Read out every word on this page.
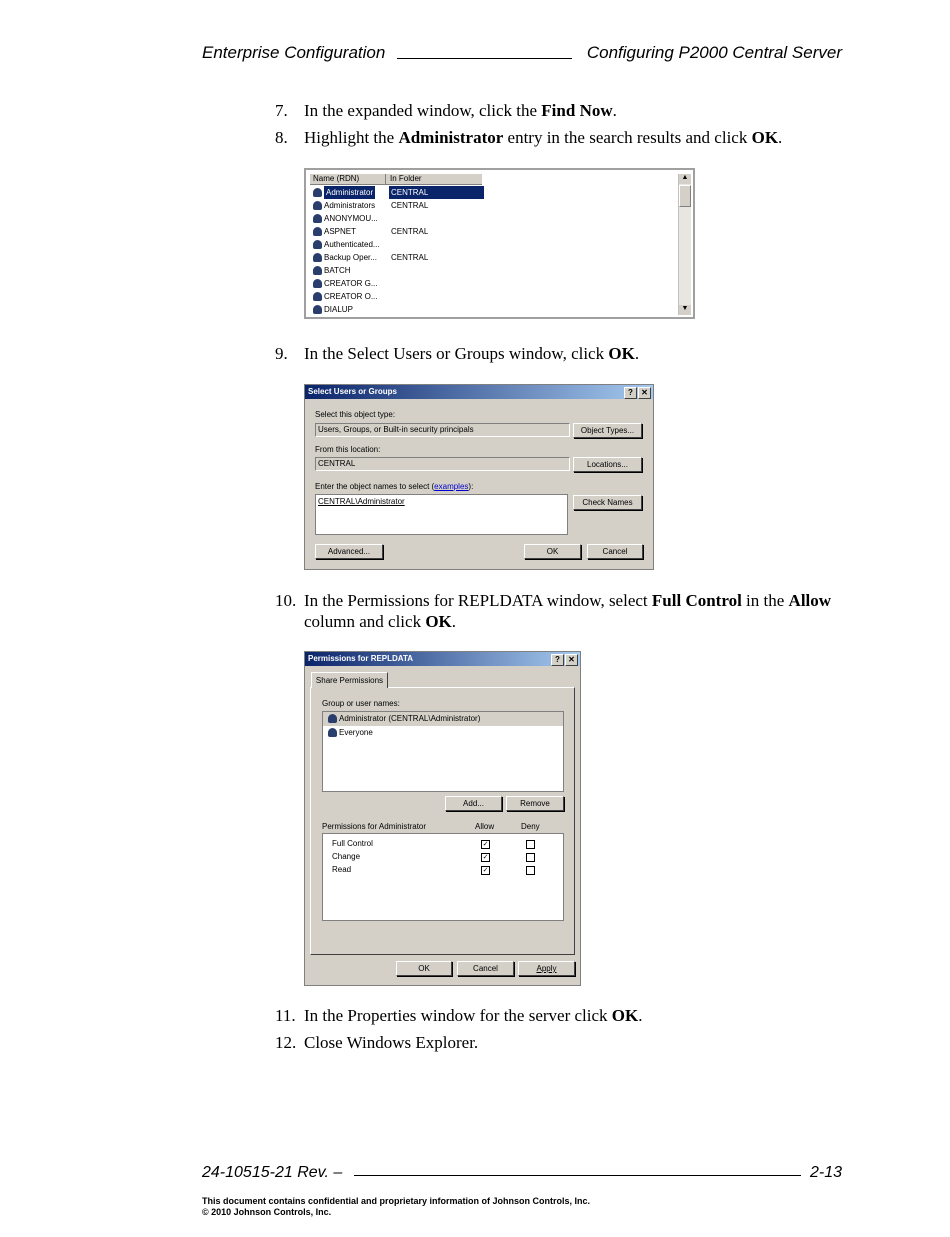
Enterprise Configuration	Configuring P2000 Central Server
7. In the expanded window, click the Find Now.
8. Highlight the Administrator entry in the search results and click OK.
Name (RDN)	In Folder
Administrator CENTRAL
Administrators CENTRAL
ANONYMOU...
ASPNET	CENTRAL
Authenticated...
Backup Oper... CENTRAL
BATCH
CREATOR G...
CREATOR O...
DIALUP
▲
▼
9. In the Select Users or Groups window, click OK.
Select Users or Groups	?	✕
Select this object type:
Users, Groups, or Built-in security principals	Object Types...
From this location:
CENTRAL	Locations...
Enter the object names to select (examples):
CENTRAL\Administrator	Check Names
Advanced...	OK	Cancel
10. In the Permissions for REPLDATA window, select Full Control in the Allow column and click OK.
Permissions for REPLDATA	?	✕
Share Permissions
Group or user names:
Administrator (CENTRAL\Administrator)
Everyone
Add...	Remove
Permissions for Administrator	Allow	Deny
Full Control	✓
Change	✓
Read	✓
OK	Cancel	Apply
11. In the Properties window for the server click OK.
12. Close Windows Explorer.
24-10515-21 Rev. –	2-13
This document contains confidential and proprietary information of Johnson Controls, Inc.
© 2010 Johnson Controls, Inc.
